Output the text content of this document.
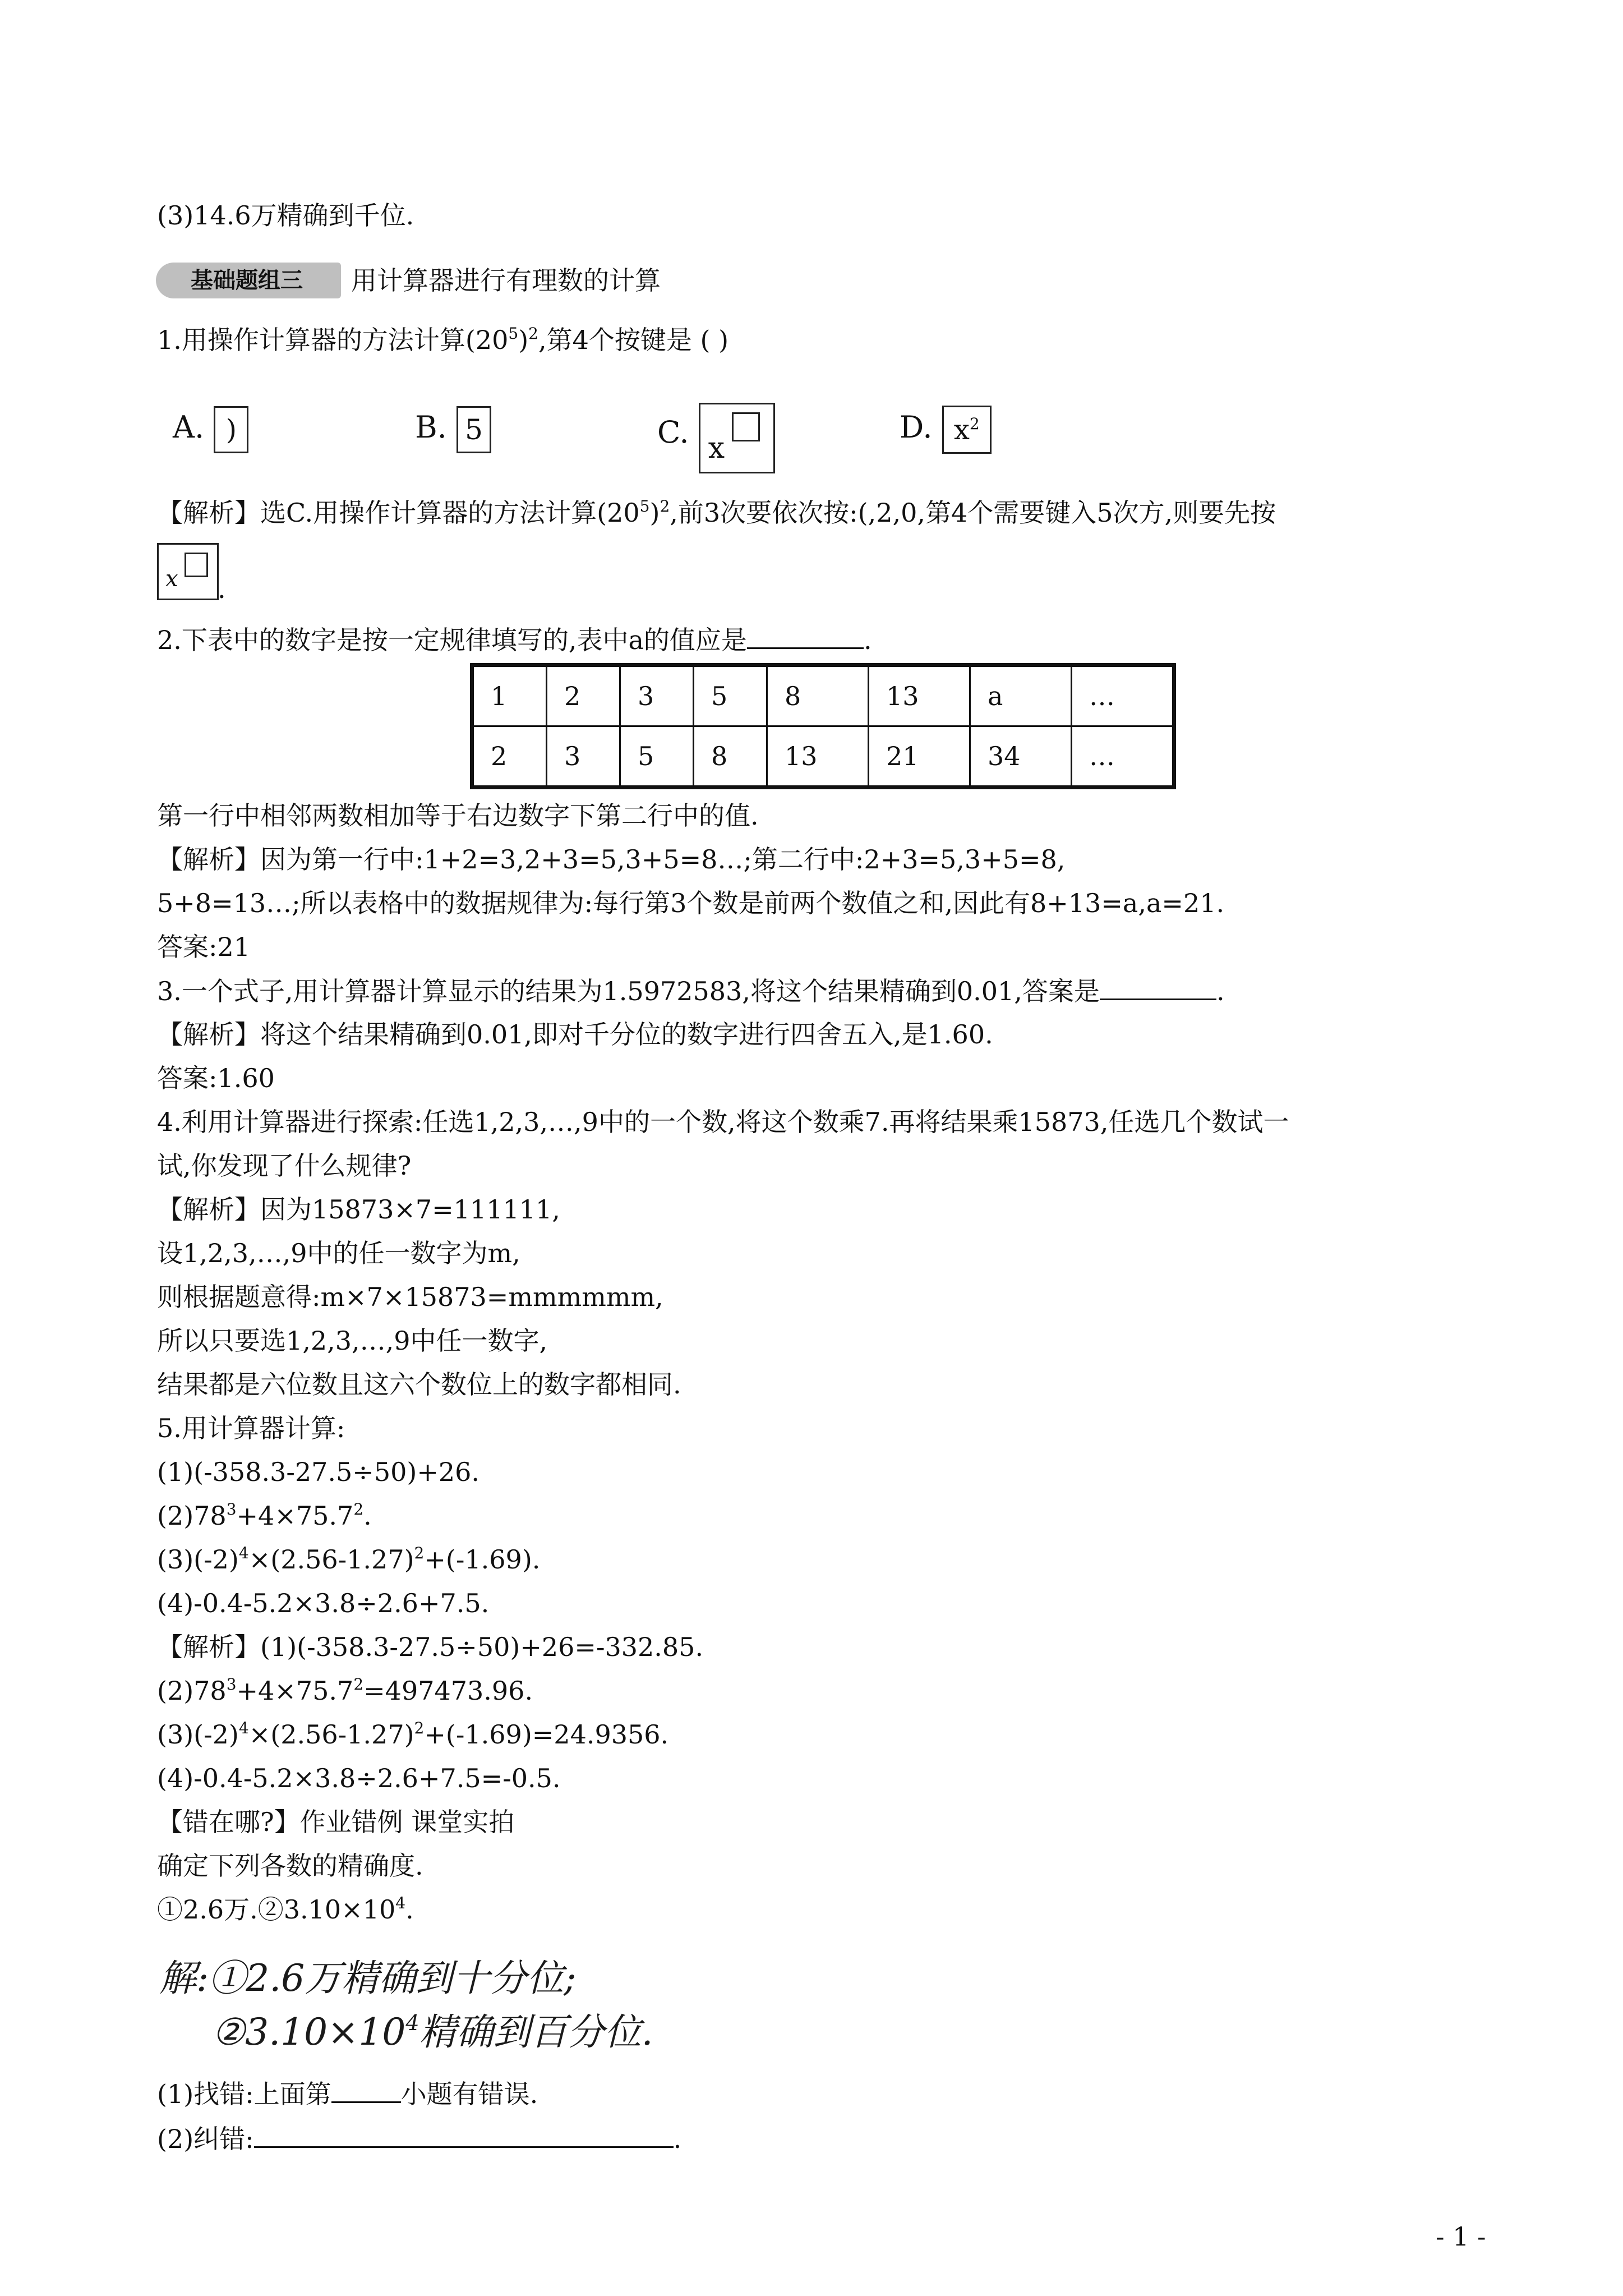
(3)14.6万精确到千位.
基础题组三 用计算器进行有理数的计算
1.用操作计算器的方法计算$(20^5)^2$,第4个按键是 ( )
A. )	B. 5	C. x
D. $x^2$
【解析】选C.用操作计算器的方法计算$(20^5)^2$,前3次要依次按:(,2,0,第4个需要键入5次方,则要先按
x .
2.下表中的数字是按一定规律填写的,表中a的值应是	.
1	2	3	5	8	13	a	…
2	3	5	8	13	21	34	…
第一行中相邻两数相加等于右边数字下第二行中的值.
【解析】因为第一行中:1+2=3,2+3=5,3+5=8…;第二行中:2+3=5,3+5=8,
5+8=13…;所以表格中的数据规律为:每行第3个数是前两个数值之和,因此有8+13=a,a=21.
答案:21
3.一个式子,用计算器计算显示的结果为1.5972583,将这个结果精确到0.01,答案是	.
【解析】将这个结果精确到0.01,即对千分位的数字进行四舍五入,是1.60.
答案:1.60
4.利用计算器进行探索:任选1,2,3,…,9中的一个数,将这个数乘7.再将结果乘15873,任选几个数试一
试,你发现了什么规律?
【解析】因为15873×7=111111,
设1,2,3,…,9中的任一数字为m,
则根据题意得:m×7×15873=mmmmmm,
所以只要选1,2,3,…,9中任一数字,
结果都是六位数且这六个数位上的数字都相同.
5.用计算器计算:
(1)(-358.3-27.5÷50)+26.
$(2)78^3+4\times 75.7^2$.
$(3)(-2)^4\times(2.56-1.27)^2+(-1.69)$.
(4)-0.4-5.2×3.8÷2.6+7.5.
【解析】(1)(-358.3-27.5÷50)+26=-332.85.
$(2)78^3+4\times 75.7^2=497473.96$.
$(3)(-2)^4\times(2.56-1.27)^2+(-1.69)=24.9356$.
(4)-0.4-5.2×3.8÷2.6+7.5=-0.5.
【错在哪?】作业错例 课堂实拍
确定下列各数的精确度.
①2.6万$.②3.10\times 10^4$.
解:①2.6万精确到十分位;
$②3.10\times 10^4$精确到百分位.
(1)找错:上面第	小题有错误.
(2)纠错:	.
- 1 -
